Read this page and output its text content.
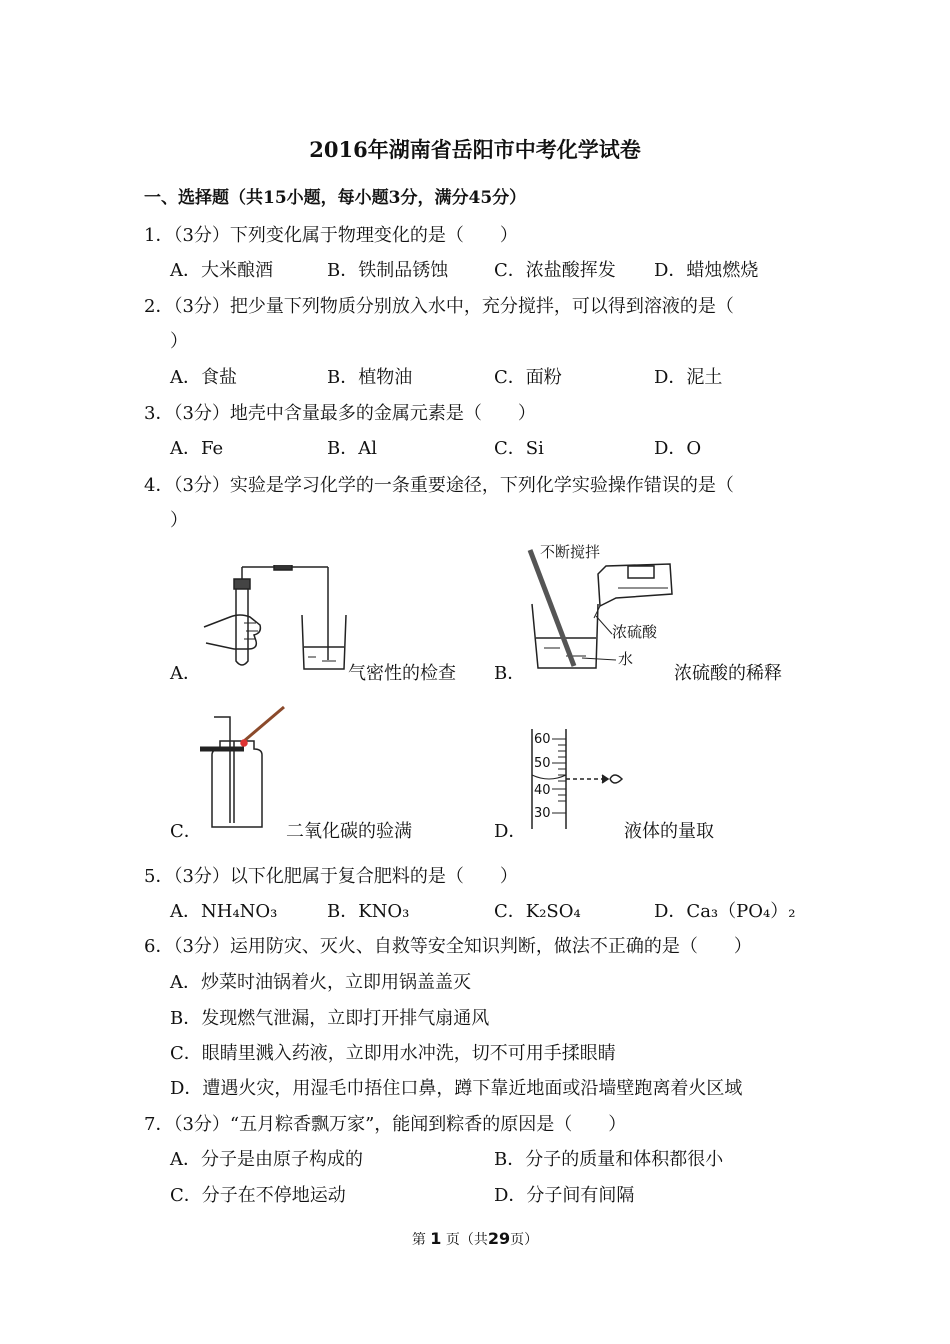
2016年湖南省岳阳市中考化学试卷
一、选择题（共15小题，每小题3分，满分45分）
1．（3分）下列变化属于物理变化的是（　　）
A．大米酿酒	B．铁制品锈蚀	C．浓盐酸挥发 D．蜡烛燃烧
2．（3分）把少量下列物质分别放入水中，充分搅拌，可以得到溶液的是（
）
A．食盐	B．植物油	C．面粉	D．泥土
3．（3分）地壳中含量最多的金属元素是（　　）
A．Fe	B．Al	C．Si	D．O
4．（3分）实验是学习化学的一条重要途径，下列化学实验操作错误的是（
）
A．	气密性的检查
不断搅拌
浓硫酸
水
B．	浓硫酸的稀释
C．	二氧化碳的验满
60
50
40
30
D．	液体的量取
5．（3分）以下化肥属于复合肥料的是（　　）
A．NH₄NO₃	B．KNO₃	C．K₂SO₄	D．Ca₃（PO₄）₂
6．（3分）运用防灾、灭火、自救等安全知识判断，做法不正确的是（　　）
A．炒菜时油锅着火，立即用锅盖盖灭
B．发现燃气泄漏，立即打开排气扇通风
C．眼睛里溅入药液，立即用水冲洗，切不可用手揉眼睛
D．遭遇火灾，用湿毛巾捂住口鼻，蹲下靠近地面或沿墙壁跑离着火区域
7．（3分）“五月粽香飘万家”，能闻到粽香的原因是（　　）
A．分子是由原子构成的	B．分子的质量和体积都很小
C．分子在不停地运动	D．分子间有间隔
第 1 页（共29页）
